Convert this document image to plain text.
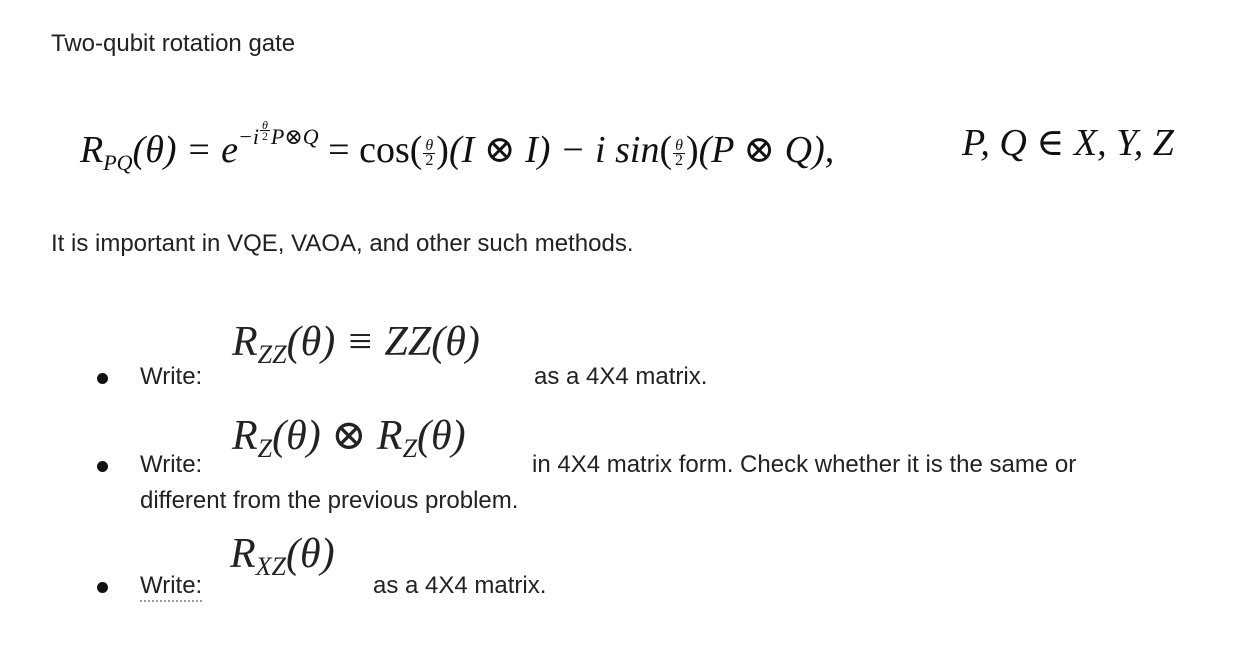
Two-qubit rotation gate
$R_{PQ}(\theta) = e^{-i \frac{\theta}{2} P\otimes Q} = \cos( \frac{\theta}{2} )(I$ ⊗ I) − i $\sin( \frac{\theta}{2} )(P$ ⊗ Q),	P, Q ∈ X, Y, Z
It is important in VQE, VAOA, and other such methods.
Write:
$R_{ZZ}(\theta) \equiv ZZ(\theta)$
as a 4X4 matrix.
Write:
$R_Z(\theta)$ ⊗ $R_Z(\theta)$
in 4X4 matrix form. Check whether it is the same or
different from the previous problem.
Write:
$R_{XZ}(\theta)$
as a 4X4 matrix.
